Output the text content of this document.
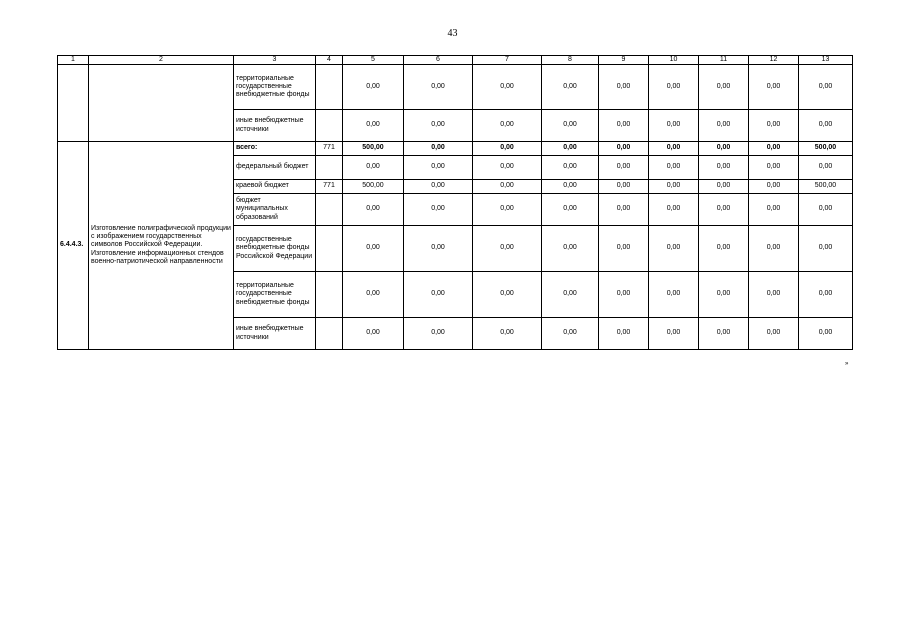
43
1	2	3	4	5	6	7	8	9	10	11	12	13
		территориальные государственные внебюджетные фонды		0,00	0,00	0,00	0,00	0,00	0,00	0,00	0,00	0,00
		иные внебюджетные источники		0,00	0,00	0,00	0,00	0,00	0,00	0,00	0,00	0,00
6.4.4.3.	Изготовление полиграфической продукции с изображением государственных символов Российской Федерации. Изготовление информационных стендов военно-патриотической направленности	всего:	771	500,00	0,00	0,00	0,00	0,00	0,00	0,00	0,00	500,00
		федеральный бюджет		0,00	0,00	0,00	0,00	0,00	0,00	0,00	0,00	0,00
		краевой бюджет	771	500,00	0,00	0,00	0,00	0,00	0,00	0,00	0,00	500,00
		бюджет муниципальных образований		0,00	0,00	0,00	0,00	0,00	0,00	0,00	0,00	0,00
		государственные внебюджетные фонды Российской Федерации		0,00	0,00	0,00	0,00	0,00	0,00	0,00	0,00	0,00
		территориальные государственные внебюджетные фонды		0,00	0,00	0,00	0,00	0,00	0,00	0,00	0,00	0,00
		иные внебюджетные источники		0,00	0,00	0,00	0,00	0,00	0,00	0,00	0,00	0,00
»
